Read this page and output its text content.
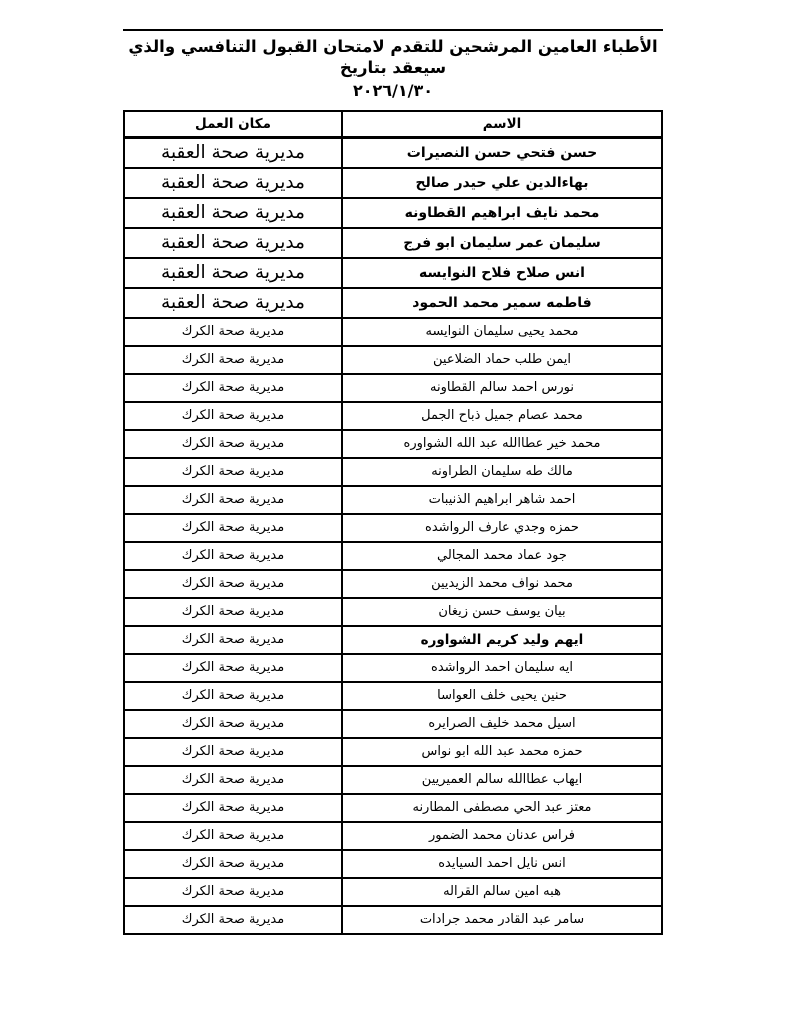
الأطباء العامين المرشحين للتقدم لامتحان القبول التنافسي والذي سيعقد بتاريخ
٢٠٢٦/١/٣٠
الاسم	مكان العمل
حسن فتحي حسن النصيرات	مديرية صحة العقبة
بهاءالدين علي حيدر صالح	مديرية صحة العقبة
محمد نايف ابراهيم القطاونه	مديرية صحة العقبة
سليمان عمر سليمان ابو فرج	مديرية صحة العقبة
انس صلاح فلاح النوايسه	مديرية صحة العقبة
فاطمه سمير محمد الحمود	مديرية صحة العقبة
محمد يحيى سليمان النوايسه	مديرية صحة الكرك
ايمن طلب حماد الضلاعين	مديرية صحة الكرك
نورس احمد سالم القطاونه	مديرية صحة الكرك
محمد عصام جميل ذباح الجمل	مديرية صحة الكرك
محمد خير عطاالله عبد الله الشواوره	مديرية صحة الكرك
مالك طه سليمان الطراونه	مديرية صحة الكرك
احمد شاهر ابراهيم الذنيبات	مديرية صحة الكرك
حمزه وجدي عارف الرواشده	مديرية صحة الكرك
جود عماد محمد المجالي	مديرية صحة الكرك
محمد نواف محمد الزيديين	مديرية صحة الكرك
بيان يوسف حسن زيغان	مديرية صحة الكرك
ايهم وليد كريم الشواوره	مديرية صحة الكرك
ايه سليمان احمد الرواشده	مديرية صحة الكرك
حنين يحيى خلف العواسا	مديرية صحة الكرك
اسيل محمد خليف الصرايره	مديرية صحة الكرك
حمزه محمد عبد الله ابو نواس	مديرية صحة الكرك
ايهاب عطاالله سالم العميريين	مديرية صحة الكرك
معتز عبد الحي مصطفى المطارنه	مديرية صحة الكرك
فراس عدنان محمد الضمور	مديرية صحة الكرك
انس نايل احمد السيايده	مديرية صحة الكرك
هبه امين سالم القراله	مديرية صحة الكرك
سامر عبد القادر محمد جرادات	مديرية صحة الكرك
